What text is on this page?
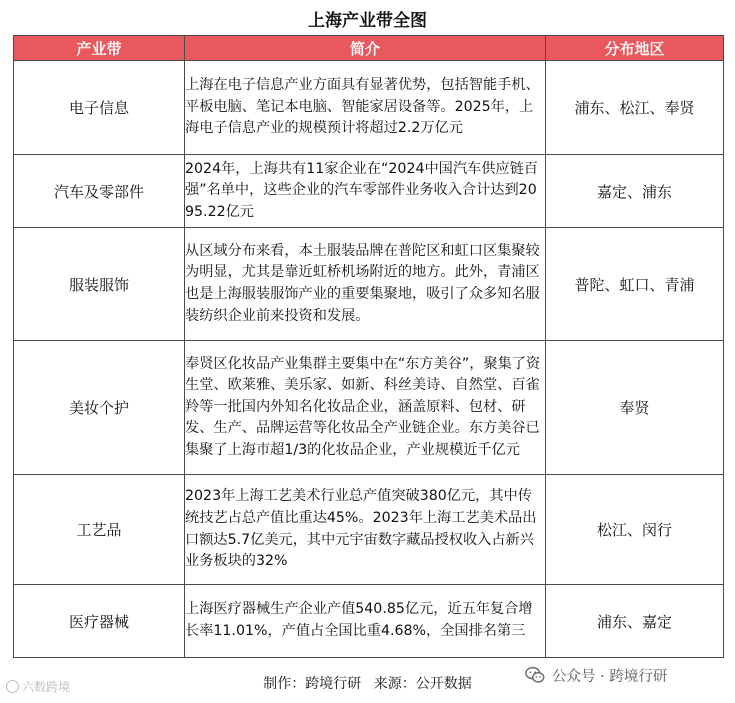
上海产业带全图
产业带	简介	分布地区
电子信息	上海在电子信息产业方面具有显著优势，包括智能手机、平板电脑、笔记本电脑、智能家居设备等。2025年，上海电子信息产业的规模预计将超过2.2万亿元	浦东、松江、奉贤
汽车及零部件	2024年，上海共有11家企业在“2024中国汽车供应链百强”名单中，这些企业的汽车零部件业务收入合计达到2095.22亿元	嘉定、浦东
服装服饰	从区域分布来看，本土服装品牌在普陀区和虹口区集聚较为明显，尤其是靠近虹桥机场附近的地方。此外，青浦区也是上海服装服饰产业的重要集聚地，吸引了众多知名服装纺织企业前来投资和发展。	普陀、虹口、青浦
美妆个护	奉贤区化妆品产业集群主要集中在“东方美谷”，聚集了资生堂、欧莱雅、美乐家、如新、科丝美诗、自然堂、百雀羚等一批国内外知名化妆品企业，涵盖原料、包材、研发、生产、品牌运营等化妆品全产业链企业。东方美谷已集聚了上海市超1/3的化妆品企业，产业规模近千亿元	奉贤
工艺品	2023年上海工艺美术行业总产值突破380亿元，其中传统技艺占总产值比重达45%。2023年上海工艺美术品出口额达5.7亿美元，其中元宇宙数字藏品授权收入占新兴业务板块的32%	松江、闵行
医疗器械	上海医疗器械生产企业产值540.85亿元，近五年复合增长率11.01%，产值占全国比重4.68%，全国排名第三	浦东、嘉定
制作：跨境行研 来源：公开数据
六数跨境
公众号 · 跨境行研
